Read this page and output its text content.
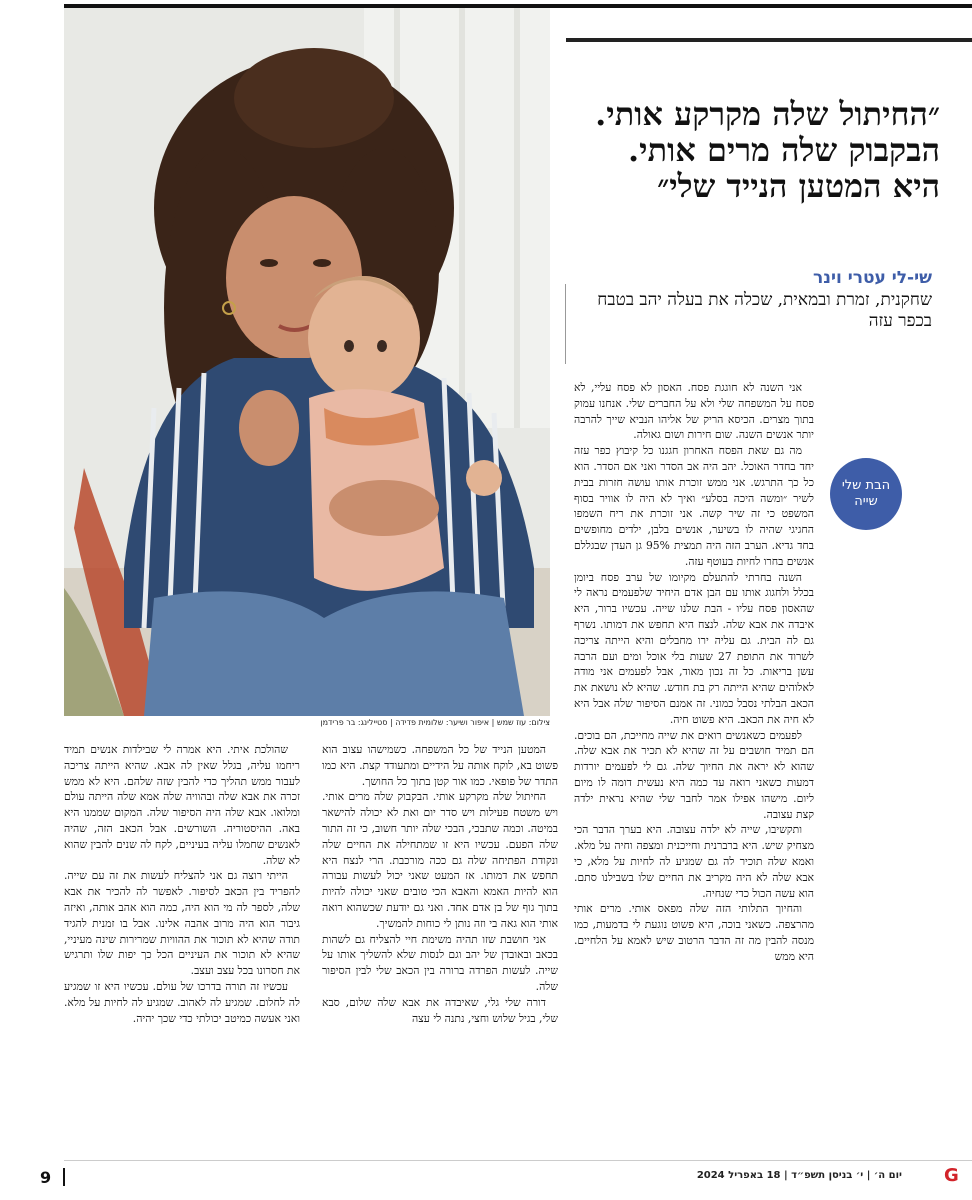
צילום: עוז שמש | איפור ושיער: שלומית פדידה | סטיילינג: בר פרידמן
״החיתול שלה מקרקע אותי. הבקבוק שלה מרים אותי. היא המטען הנייד שלי״
שי-לי עטרי וינר
שחקנית, זמרת ובמאית, שכלה את בעלה יהב בטבח בכפר עזה
הבת שלי שייה

אני השנה לא חוגגת פסח. האסון לא פסח עליי, לא פסח על המשפחה שלי ולא על החברים שלי. אנחנו עמוק בתוך מצרים. הכיסא הריק של אליהו הנביא שייך להרבה יותר אנשים השנה. שום חירות ושום גאולה.

מה גם שאת הפסח האחרון חגגנו כל קיבוץ כפר עזה יחד בחדר האוכל. יהב היה אב הסדר ואני אם הסדר. הוא כל כך התרגש. אני ממש זוכרת אותו עושה חזרות בבית לשיר ״ומשה היכה בסלע״ ואיך לא היה לו אוויר בסוף המשפט כי זה שיר קשה. אני זוכרת את ריח השמפו החגיגי שהיה לו בשיער, אנשים בלבן, ילדים מחופשים בחד גדיא. הערב הזה היה תמצית 95% גן העדן שבגללם אנשים בחרו לחיות בעוטף עזה.

השנה בחרתי להתעלם מקיומו של ערב פסח ביומן בכלל ולחגוג אותו עם הבן אדם היחיד שלפעמים נראה לי שהאסון פסח עליו - הבת שלנו שייה. עכשיו ברור, היא איבדה את אבא שלה. לנצח היא תחפש את דמותו. נשרף גם לה הבית. גם עליה ירו מחבלים והיא הייתה צריכה לשרוד את התופת 27 שעות בלי אוכל ומים ועם הרבה עשן בריאות. כל זה נכון מאוד, אבל לפעמים אני מודה לאלוהים שהיא הייתה רק בת חודש. שהיא לא נושאת את הכאב הבלתי נסבל כמוני. זה אמנם הסיפור שלה אבל היא לא חיה את הכאב. היא פשוט חיה.

לפעמים כשאנשים רואים את שייה מחייכת, הם בוכים. הם תמיד חושבים על זה שהיא לא תכיר את אבא שלה. שהוא לא יראה את החיוך שלה. גם לי לפעמים יורדות דמעות כשאני רואה עד כמה היא נעשית דומה לו מיום ליום. מישהו אפילו אמר לחבר שלי שהיא נראית ילדה קצת עצובה.

ותקשיבו, שייה לא ילדה עצובה. היא בערך הדבר הכי מצחיק שיש. היא ברברנית וחייכנית ומצפה וחיה על מלא. ואמא שלה תוכיר לה גם שמגיע לה לחיות על מלא, כי אבא שלה לא היה מקריב את החיים שלו בשבילנו סתם. הוא עשה הכול כדי שנחיה.

והחיוך התלותי הזה שלה מפאס אותי. מרים אותי מהרצפה. כשאני בוכה, היא פשוט נוגעת לי בדמעות, כמו מנסה להבין מה זה הדבר הרטוב שיש לאמא על הלחיים. היא ממש

המטען הנייד של כל המשפחה. כשמישהו עצוב הוא פשוט בא, לוקח אותה על הידיים ומתעודד קצת. היא כמו התדר של פופאי. כמו אור קטן בתוך כל החושך.

החיתול שלה מקרקע אותי. הבקבוק שלה מרים אותי. ויש משטח פעילות ויש סדר יום ואת לא יכולה להישאר במיטה. וכמה שתבכי, הבכי שלה יותר חשוב, כי זה התור שלה הפעם. עכשיו היא זו שמתחילה את החיים שלה ונקודת הפתיחה שלה גם ככה מורכבת. הרי לנצח היא תחפש את דמותו. אז המעט שאני יכול לעשות עבורה הוא להיות האמא והאבא הכי טובים שאני יכולה להיות בתוך גוף של בן אדם אחד. ואני גם יודעת שכשהוא רואה אותי הוא גאה בי וזה נותן לי כוחות להמשיך.

אני חושבת שזו תהיה משימת חיי להצליח גם לשהות בכאב ובאובדן של יהב וגם לנסות שלא להשליך אותו על שייה. לעשות הפרדה ברורה בין הכאב שלי לבין הסיפור שלה.

דורה שלי גלי, שאיבדה את אבא שלה שלום, סבא שלי, בגיל שלוש וחצי, נתנה לי עצה

שהולכת איתי. היא אמרה לי שבילדות אנשים תמיד ריחמו עליה, בגלל שאין לה אבא. שהיא הייתה צריכה לעבור ממש תהליך כדי להבין שזה שלהם. היא לא ממש זכרה את אבא שלה ובהוויה שלה אמא שלה הייתה עולם ומלואו. אבא שלה היה הסיפור שלה. המקום שממנו היא באה. ההיסטוריה. השורשים. אבל הכאב הזה, שהיה לאנשים שחמלו עליה בעיניים, לקח לה שנים להבין שהוא לא שלה.

הייתי רוצה גם אני להצליח לעשות את זה עם שייה. להפריד בין הכאב לסיפור. לאפשר לה להכיר את אבא שלה, לספר לה מי הוא היה, כמה הוא אהב אותה, ואיזה גיבור הוא היה מרוב אהבה אלינו. אבל בו זמנית להגיד תודה שהיא לא תוכור את ההוויות שמרירות שינה מעיניי, שהיא לא תוכור את העיניים הכל כך יפות שלו ותרגיש את חסרונו בכל עצב ועצב.

עכשיו זה תורה בדרכו של עולם. עכשיו היא זו שמגיע לה לחלום. שמגיע לה לאהוב. שמגיע לה לחיות על מלא. ואני אעשה כמיטב יכולתי כדי שכך יהיה.

9	יום ה׳ | י׳ בניסן תשפ״ד | 18 באפריל 2024 G
